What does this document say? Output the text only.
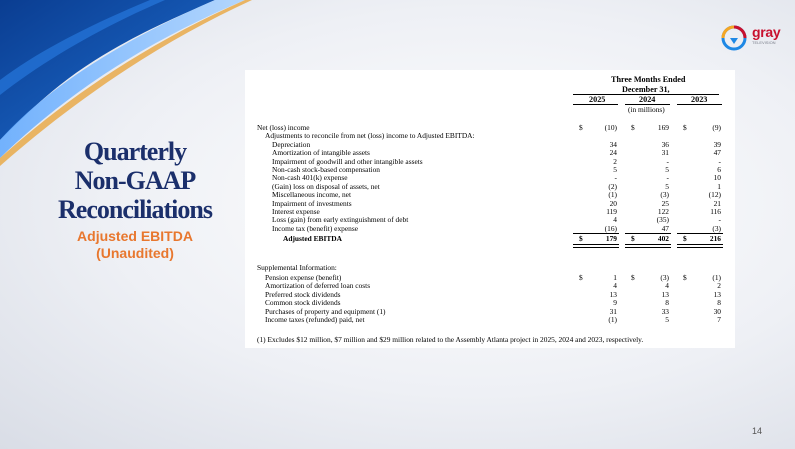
gray
TELEVISION
Quarterly
Non-GAAP
Reconciliations
Adjusted EBITDA
(Unaudited)
Three Months Ended
December 31,
2025	2024	2023
(in millions)
Net (loss) income	$	(10) $	169 $	(9)
Adjustments to reconcile from net (loss) income to Adjusted EBITDA:
Depreciation	34	36	39
Amortization of intangible assets	24	31	47
Impairment of goodwill and other intangible assets	2	-	-
Non-cash stock-based compensation	5	5	6
Non-cash 401(k) expense	-	-	10
(Gain) loss on disposal of assets, net	(2)	5	1
Miscellaneous income, net	(1)	(3)	(12)
Impairment of investments	20	25	21
Interest expense	119	122	116
Loss (gain) from early extinguishment of debt	4	(35)	-
Income tax (benefit) expense	(16)	47	(3)
Adjusted EBITDA	$	179 $	402 $	216
Supplemental Information:
Pension expense (benefit)	$	1 $	(3) $	(1)
Amortization of deferred loan costs	4	4	2
Preferred stock dividends	13	13	13
Common stock dividends	9	8	8
Purchases of property and equipment (1)	31	33	30
Income taxes (refunded) paid, net	(1)	5	7
(1) Excludes $12 million, $7 million and $29 million related to the Assembly Atlanta project in 2025, 2024 and 2023, respectively.
14
